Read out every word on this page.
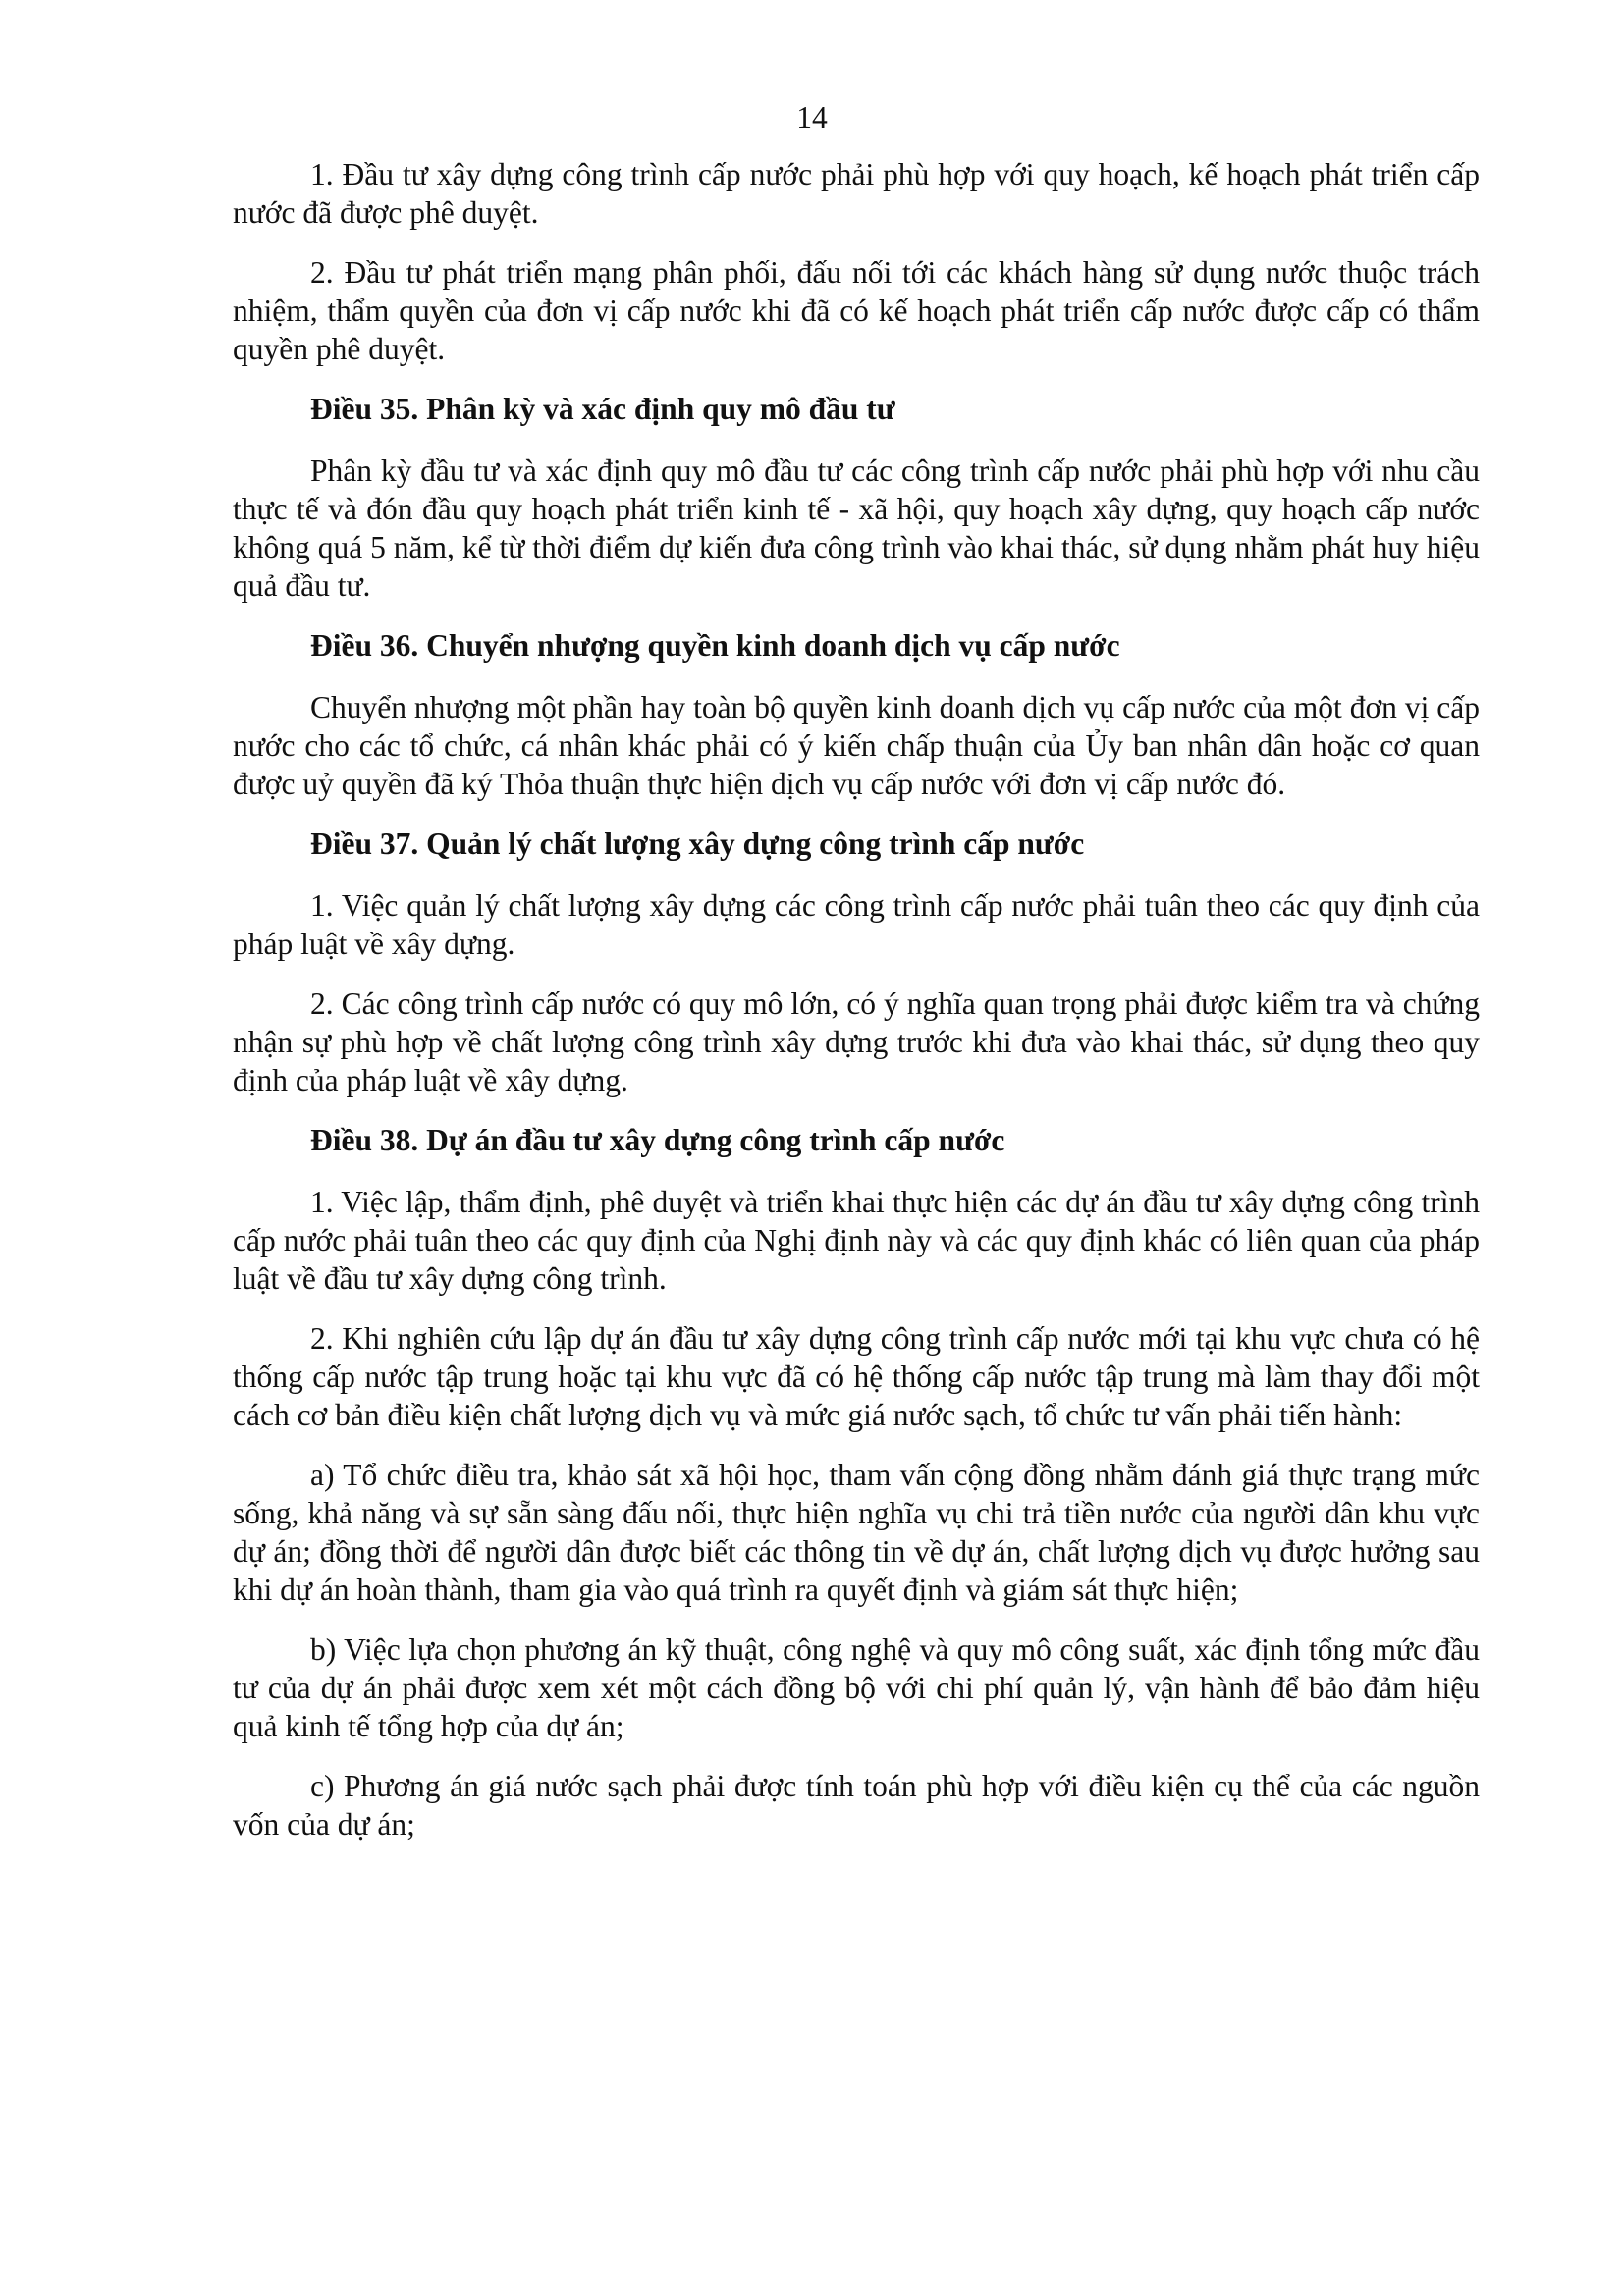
14

1. Đầu tư xây dựng công trình cấp nước phải phù hợp với quy hoạch, kế hoạch phát triển cấp nước đã được phê duyệt.

2. Đầu tư phát triển mạng phân phối, đấu nối tới các khách hàng sử dụng nước thuộc trách nhiệm, thẩm quyền của đơn vị cấp nước khi đã có kế hoạch phát triển cấp nước được cấp có thẩm quyền phê duyệt.

Điều 35. Phân kỳ và xác định quy mô đầu tư

Phân kỳ đầu tư và xác định quy mô đầu tư các công trình cấp nước phải phù hợp với nhu cầu thực tế và đón đầu quy hoạch phát triển kinh tế - xã hội, quy hoạch xây dựng, quy hoạch cấp nước không quá 5 năm, kể từ thời điểm dự kiến đưa công trình vào khai thác, sử dụng nhằm phát huy hiệu quả đầu tư.

Điều 36. Chuyển nhượng quyền kinh doanh dịch vụ cấp nước

Chuyển nhượng một phần hay toàn bộ quyền kinh doanh dịch vụ cấp nước của một đơn vị cấp nước cho các tổ chức, cá nhân khác phải có ý kiến chấp thuận của Ủy ban nhân dân hoặc cơ quan được uỷ quyền đã ký Thỏa thuận thực hiện dịch vụ cấp nước với đơn vị cấp nước đó.

Điều 37. Quản lý chất lượng xây dựng công trình cấp nước

1. Việc quản lý chất lượng xây dựng các công trình cấp nước phải tuân theo các quy định của pháp luật về xây dựng.

2. Các công trình cấp nước có quy mô lớn, có ý nghĩa quan trọng phải được kiểm tra và chứng nhận sự phù hợp về chất lượng công trình xây dựng trước khi đưa vào khai thác, sử dụng theo quy định của pháp luật về xây dựng.

Điều 38. Dự án đầu tư xây dựng công trình cấp nước

1. Việc lập, thẩm định, phê duyệt và triển khai thực hiện các dự án đầu tư xây dựng công trình cấp nước phải tuân theo các quy định của Nghị định này và các quy định khác có liên quan của pháp luật về đầu tư xây dựng công trình.

2. Khi nghiên cứu lập dự án đầu tư xây dựng công trình cấp nước mới tại khu vực chưa có hệ thống cấp nước tập trung hoặc tại khu vực đã có hệ thống cấp nước tập trung mà làm thay đổi một cách cơ bản điều kiện chất lượng dịch vụ và mức giá nước sạch, tổ chức tư vấn phải tiến hành:

a) Tổ chức điều tra, khảo sát xã hội học, tham vấn cộng đồng nhằm đánh giá thực trạng mức sống, khả năng và sự sẵn sàng đấu nối, thực hiện nghĩa vụ chi trả tiền nước của người dân khu vực dự án; đồng thời để người dân được biết các thông tin về dự án, chất lượng dịch vụ được hưởng sau khi dự án hoàn thành, tham gia vào quá trình ra quyết định và giám sát thực hiện;

b) Việc lựa chọn phương án kỹ thuật, công nghệ và quy mô công suất, xác định tổng mức đầu tư của dự án phải được xem xét một cách đồng bộ với chi phí quản lý, vận hành để bảo đảm hiệu quả kinh tế tổng hợp của dự án;

c) Phương án giá nước sạch phải được tính toán phù hợp với điều kiện cụ thể của các nguồn vốn của dự án;
